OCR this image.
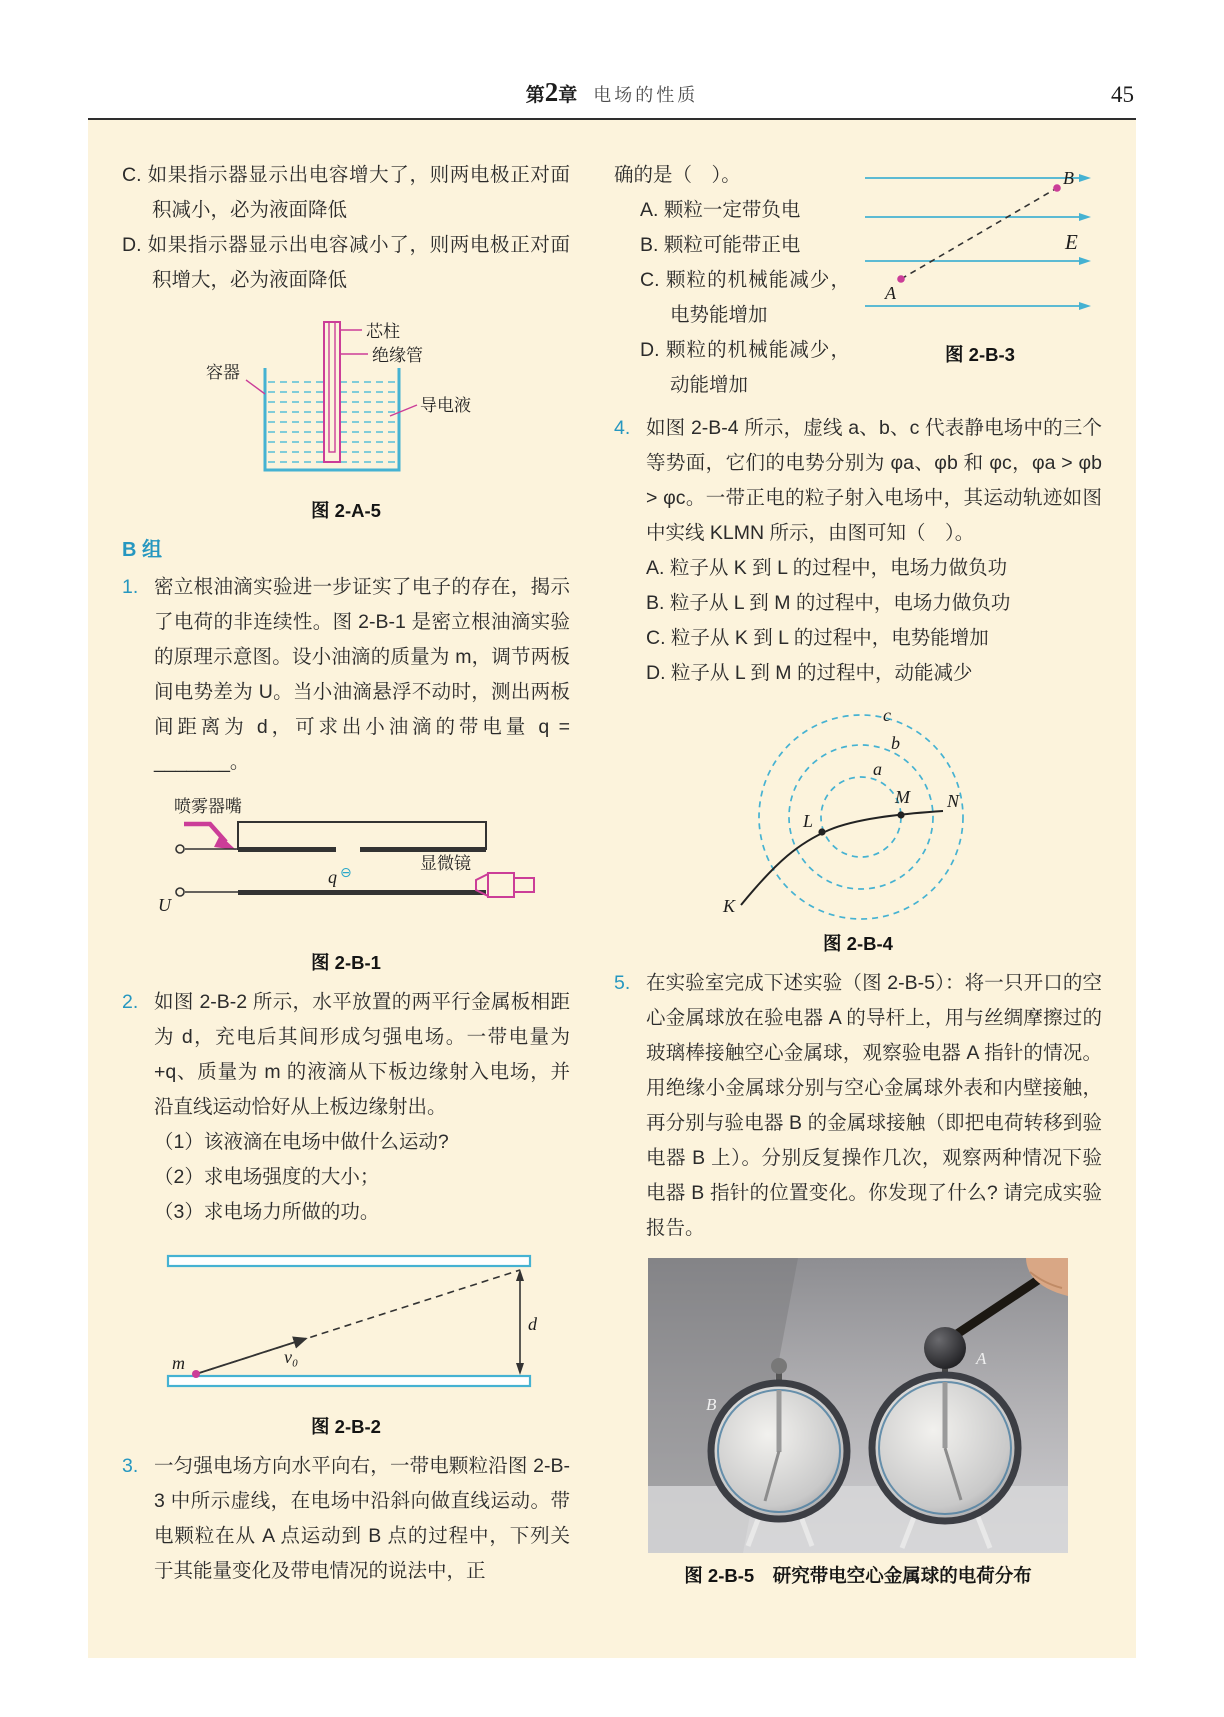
第2章 电场的性质	45

C. 如果指示器显示出电容增大了，则两电极正对面积减小，必为液面降低

D. 如果指示器显示出电容减小了，则两电极正对面积增大，必为液面降低

芯柱
绝缘管
容器
导电液
图 2-A-5
B 组
1. 密立根油滴实验进一步证实了电子的存在，揭示了电荷的非连续性。图 2-B-1 是密立根油滴实验的原理示意图。设小油滴的质量为 m，调节两板间电势差为 U。当小油滴悬浮不动时，测出两板间距离为 d，可求出小油滴的带电量 q = _______。
喷雾器嘴
U
q ⊖	显微镜
图 2-B-1
2. 如图 2-B-2 所示，水平放置的两平行金属板相距为 d，充电后其间形成匀强电场。一带电量为 +q、质量为 m 的液滴从下板边缘射入电场，并沿直线运动恰好从上板边缘射出。
（1）该液滴在电场中做什么运动?
（2）求电场强度的大小；
（3）求电场力所做的功。
m	v₀
d
图 2-B-2
3. 一匀强电场方向水平向右，一带电颗粒沿图 2-B-3 中所示虚线，在电场中沿斜向做直线运动。带电颗粒在从 A 点运动到 B 点的过程中，下列关于其能量变化及带电情况的说法中，正

确的是（　）。

A. 颗粒一定带负电

B. 颗粒可能带正电

C. 颗粒的机械能减少，电势能增加

D. 颗粒的机械能减少，动能增加

A
B
E
图 2-B-3
4. 如图 2-B-4 所示，虚线 a、b、c 代表静电场中的三个等势面，它们的电势分别为 φa、φb 和 φc，φa > φb > φc。一带正电的粒子射入电场中，其运动轨迹如图中实线 KLMN 所示，由图可知（　）。
A. 粒子从 K 到 L 的过程中，电场力做负功
B. 粒子从 L 到 M 的过程中，电场力做负功
C. 粒子从 K 到 L 的过程中，电势能增加
D. 粒子从 L 到 M 的过程中，动能减少
K
L
M N
a
b
c
图 2-B-4
5. 在实验室完成下述实验（图 2-B-5）：将一只开口的空心金属球放在验电器 A 的导杆上，用与丝绸摩擦过的玻璃棒接触空心金属球，观察验电器 A 指针的情况。用绝缘小金属球分别与空心金属球外表和内壁接触，再分别与验电器 B 的金属球接触（即把电荷转移到验电器 B 上）。分别反复操作几次，观察两种情况下验电器 B 指针的位置变化。你发现了什么? 请完成实验报告。
B
A
图 2-B-5　研究带电空心金属球的电荷分布
